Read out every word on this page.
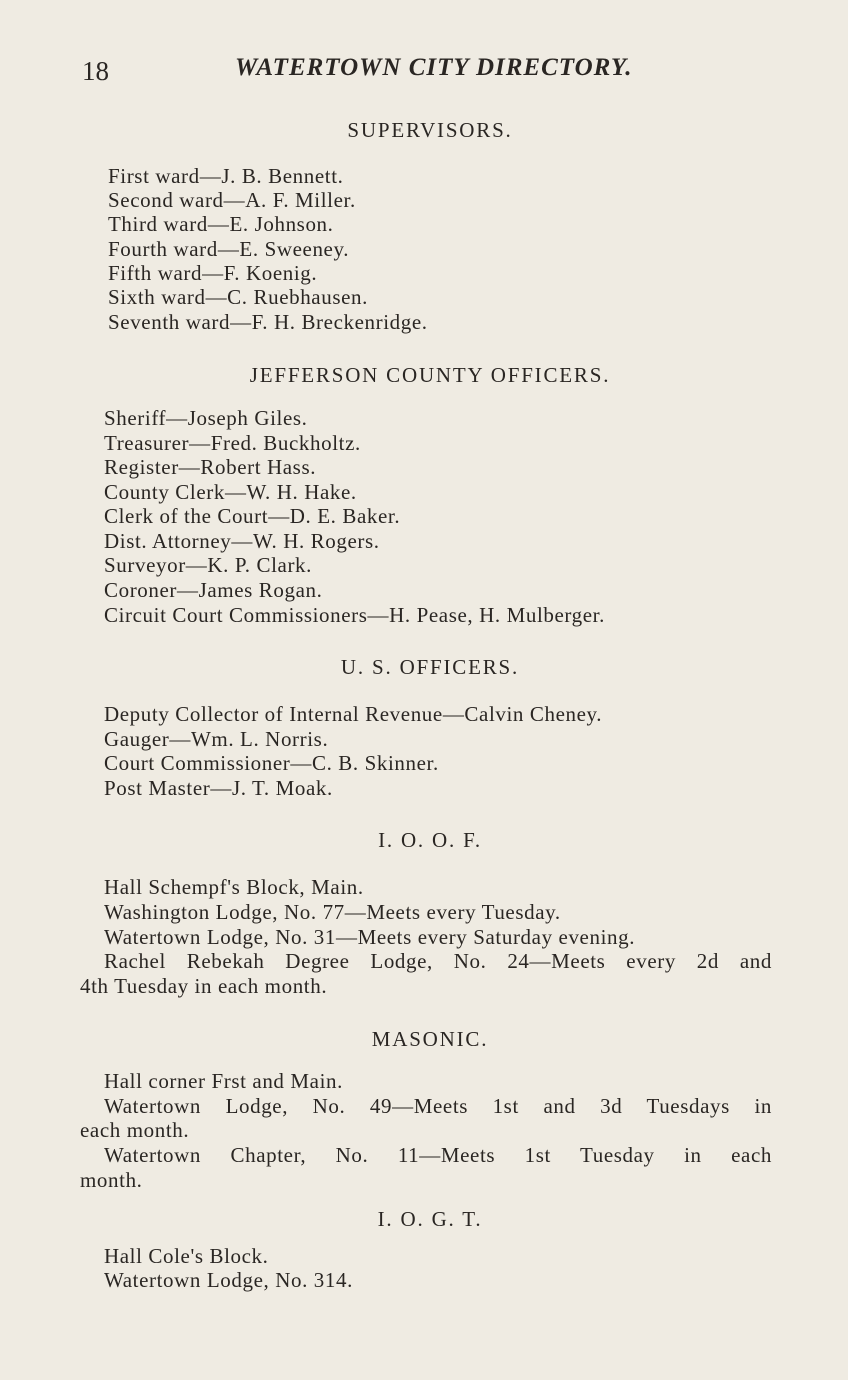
18	WATERTOWN CITY DIRECTORY.
SUPERVISORS.
First ward—J. B. Bennett.
Second ward—A. F. Miller.
Third ward—E. Johnson.
Fourth ward—E. Sweeney.
Fifth ward—F. Koenig.
Sixth ward—C. Ruebhausen.
Seventh ward—F. H. Breckenridge.
JEFFERSON COUNTY OFFICERS.
Sheriff—Joseph Giles.
Treasurer—Fred. Buckholtz.
Register—Robert Hass.
County Clerk—W. H. Hake.
Clerk of the Court—D. E. Baker.
Dist. Attorney—W. H. Rogers.
Surveyor—K. P. Clark.
Coroner—James Rogan.
Circuit Court Commissioners—H. Pease, H. Mulberger.
U. S. OFFICERS.
Deputy Collector of Internal Revenue—Calvin Cheney.
Gauger—Wm. L. Norris.
Court Commissioner—C. B. Skinner.
Post Master—J. T. Moak.
I. O. O. F.
Hall Schempf's Block, Main.
Washington Lodge, No. 77—Meets every Tuesday.
Watertown Lodge, No. 31—Meets every Saturday evening.
Rachel Rebekah Degree Lodge, No. 24—Meets every 2d and
4th Tuesday in each month.
MASONIC.
Hall corner Frst and Main.
Watertown Lodge, No. 49—Meets 1st and 3d Tuesdays in
each month.
Watertown Chapter, No. 11—Meets 1st Tuesday in each
month.
I. O. G. T.
Hall Cole's Block.
Watertown Lodge, No. 314.
